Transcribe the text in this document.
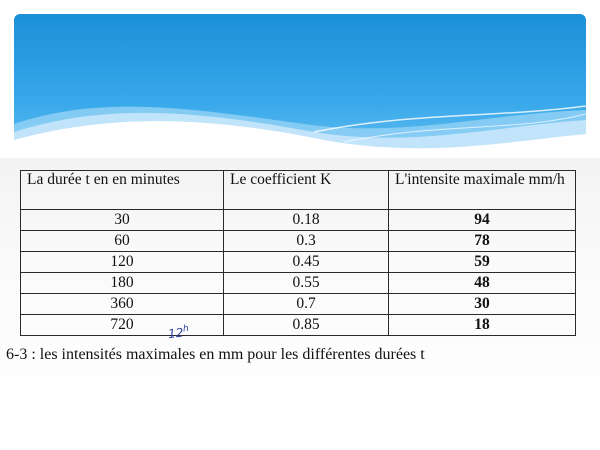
La durée t en en minutes	Le coefficient K	L'intensite maximale mm/h
30	0.18	94
60	0.3	78
120	0.45	59
180	0.55	48
360	0.7	30
720	0.85	18
12$^h$
6-3 : les intensités maximales en mm pour les différentes durées t
